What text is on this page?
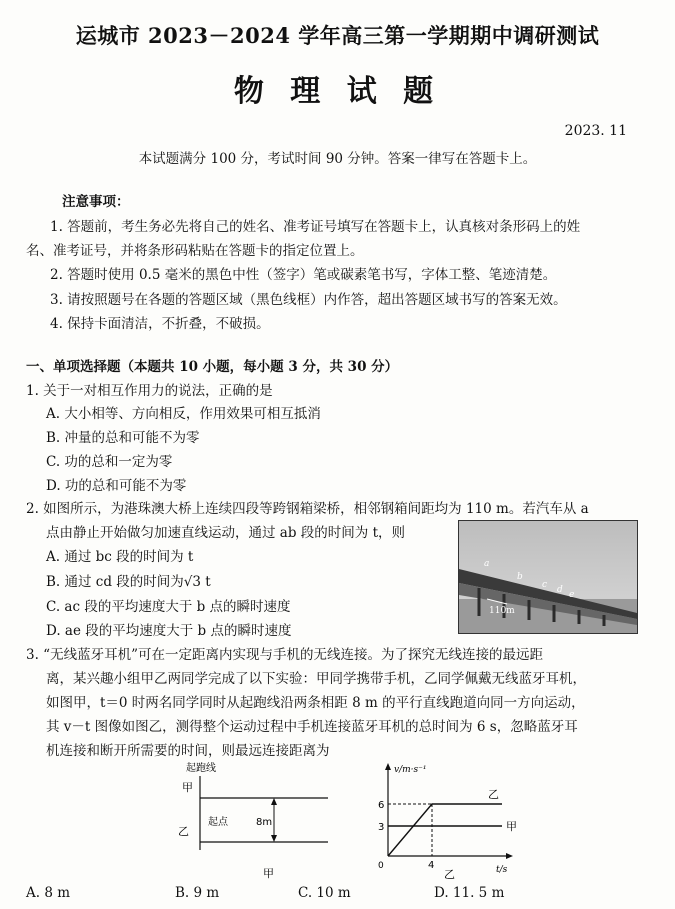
运城市 2023－2024 学年高三第一学期期中调研测试
物 理 试 题
2023. 11
本试题满分 100 分，考试时间 90 分钟。答案一律写在答题卡上。
注意事项：
1. 答题前，考生务必先将自己的姓名、准考证号填写在答题卡上，认真核对条形码上的姓
名、准考证号，并将条形码粘贴在答题卡的指定位置上。
2. 答题时使用 0.5 毫米的黑色中性（签字）笔或碳素笔书写，字体工整、笔迹清楚。
3. 请按照题号在各题的答题区域（黑色线框）内作答，超出答题区域书写的答案无效。
4. 保持卡面清洁，不折叠，不破损。
一、单项选择题（本题共 10 小题，每小题 3 分，共 30 分）
1. 关于一对相互作用力的说法，正确的是
A. 大小相等、方向相反，作用效果可相互抵消
B. 冲量的总和可能不为零
C. 功的总和一定为零
D. 功的总和可能不为零
2. 如图所示，为港珠澳大桥上连续四段等跨钢箱梁桥，相邻钢箱间距均为 110 m。若汽车从 a
点由静止开始做匀加速直线运动，通过 ab 段的时间为 t，则
A. 通过 bc 段的时间为 t
B. 通过 cd 段的时间为√3 t
C. ac 段的平均速度大于 b 点的瞬时速度
D. ae 段的平均速度大于 b 点的瞬时速度
a
b
c d e
110m
3. “无线蓝牙耳机”可在一定距离内实现与手机的无线连接。为了探究无线连接的最远距
离，某兴趣小组甲乙两同学完成了以下实验：甲同学携带手机，乙同学佩戴无线蓝牙耳机，
如图甲，t＝0 时两名同学同时从起跑线沿两条相距 8 m 的平行直线跑道向同一方向运动，
其 v－t 图像如图乙，测得整个运动过程中手机连接蓝牙耳机的总时间为 6 s，忽略蓝牙耳
机连接和断开所需要的时间，则最远连接距离为
起跑线
甲
乙
起点	8m
甲
v/m·s⁻¹
t/s
0
6
3
4
乙
甲
乙
A. 8 m	B. 9 m	C. 10 m	D. 11. 5 m
